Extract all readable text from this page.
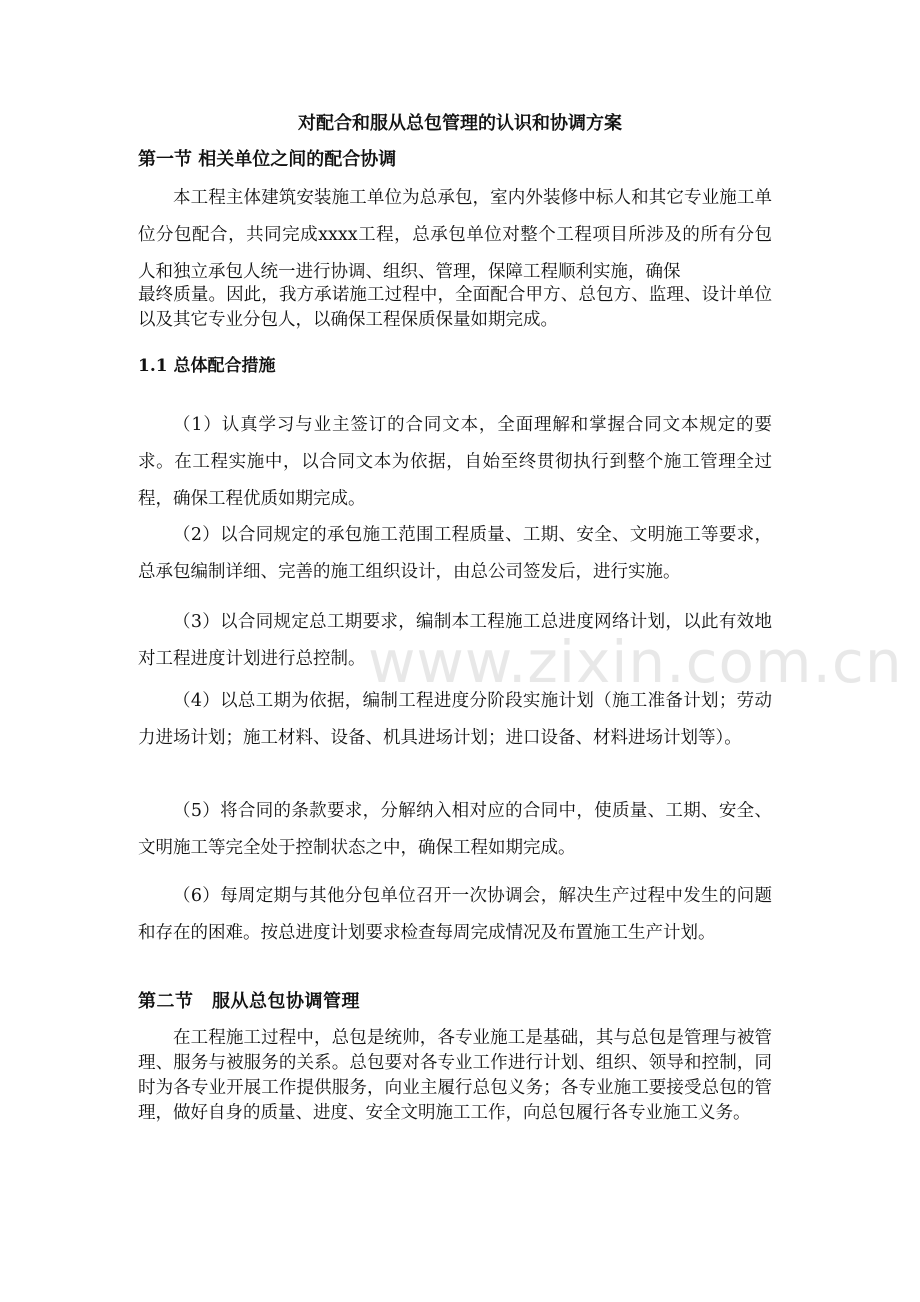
对配合和服从总包管理的认识和协调方案
第一节 相关单位之间的配合协调

本工程主体建筑安装施工单位为总承包，室内外装修中标人和其它专业施工单位分包配合，共同完成xxxx工程，总承包单位对整个工程项目所涉及的所有分包人和独立承包人统一进行协调、组织、管理，保障工程顺利实施，确保

最终质量。因此，我方承诺施工过程中，全面配合甲方、总包方、监理、设计单位以及其它专业分包人，以确保工程保质保量如期完成。

1.1 总体配合措施

（1）认真学习与业主签订的合同文本，全面理解和掌握合同文本规定的要求。在工程实施中，以合同文本为依据，自始至终贯彻执行到整个施工管理全过程，确保工程优质如期完成。

（2）以合同规定的承包施工范围工程质量、工期、安全、文明施工等要求，总承包编制详细、完善的施工组织设计，由总公司签发后，进行实施。

（3）以合同规定总工期要求，编制本工程施工总进度网络计划，以此有效地对工程进度计划进行总控制。

（4）以总工期为依据，编制工程进度分阶段实施计划（施工准备计划；劳动力进场计划；施工材料、设备、机具进场计划；进口设备、材料进场计划等）。

（5）将合同的条款要求，分解纳入相对应的合同中，使质量、工期、安全、文明施工等完全处于控制状态之中，确保工程如期完成。

（6）每周定期与其他分包单位召开一次协调会，解决生产过程中发生的问题和存在的困难。按总进度计划要求检查每周完成情况及布置施工生产计划。

第二节　服从总包协调管理

在工程施工过程中，总包是统帅，各专业施工是基础，其与总包是管理与被管理、服务与被服务的关系。总包要对各专业工作进行计划、组织、领导和控制，同时为各专业开展工作提供服务，向业主履行总包义务；各专业施工要接受总包的管理，做好自身的质量、进度、安全文明施工工作，向总包履行各专业施工义务。

www.zixin.com.cn
